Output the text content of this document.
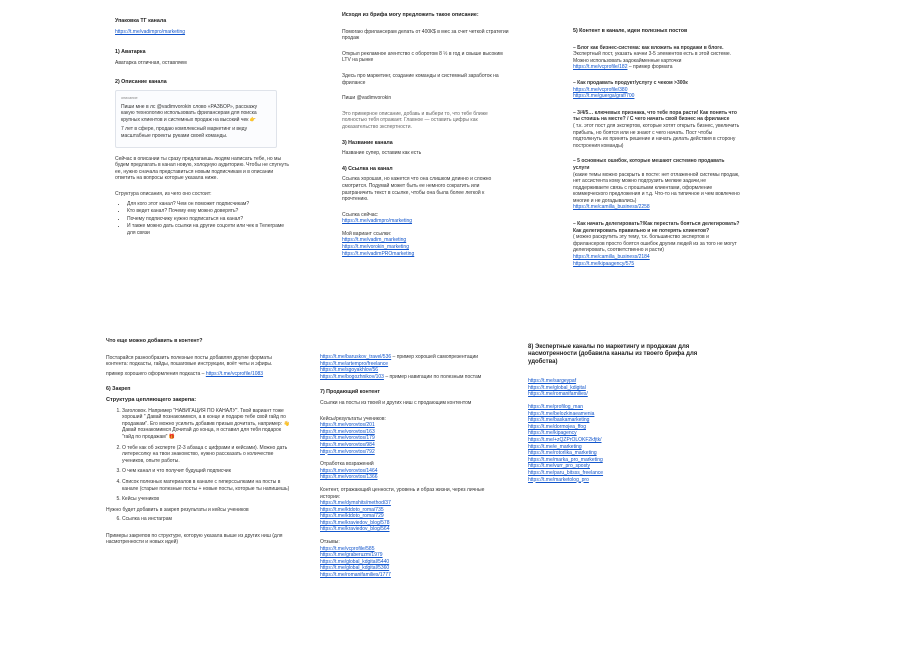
Упаковка ТГ канала
https://t.me/vadimpro/marketing
1) Аватарка

Аватарка отличная, оставляем

2) Описание канала
описание

Пиши мне в лс @vadimvorokin слово «РАЗБОР», расскажу какую технологию использовать фрилансерам для поиска крупных клиентов и системных продаж на высокий чек 👉

7 лет в сфере, продаю комплексный маркетинг и веду масштабные проекты руками своей команды.

Сейчас в описании ты сразу предлагаешь людям написать тебе, но мы будем предлагать в канал новую, холодную аудиторию. Чтобы не спугнуть ее, нужно сначала представиться новым подписчикам и в описании ответить на вопросы которые указала ниже.

Структура описания, из чего оно состоит:

• Для кого этот канал? Чем он поможет подписчикам?
• Кто ведет канал? Почему ему можно доверять?
• Почему подписчику нужно подписаться на канал?
• И также можно дать ссылки на другие соцсети или чек в Телеграме для связи
Исходя из брифа могу предложить такое описание:

Помогаю фрилансерам делать от 400К$ в мес за счет четкой стратегии продаж

Открыл рекламное агентство с оборотом 8 ½ в год и свыше высоким LTV на рынке

Здесь про маркетинг, создание команды и системный заработок на фрилансе

Пиши @vadimvorokin

Это примерное описание, добавь и выбери то, что тебе ближе полностью тебя отражает. Главное — оставить цифры как доказательство экспертности.

3) Название канала

Название супер, оставим как есть

4) Ссылка на канал

Ссылка хорошая, но кажется что она слишком длинно и сложно смотрится. Подумай может быть ее немного сократить или разграничить текст в ссылке, чтобы она была более легкой к прочтению.

Ссылка сейчас:

https://t.me/vadimpro/marketing

Мой вариант ссылки:

https://t.me/vadim_marketing
https://t.me/vorokin_marketing
https://t.me/vadimPROmarketing
5) Контент в канале, идеи полезных постов

– Блог как бизнес-система: как вложить на продажи в блоге.

Экспертный пост, указать начни 3-5 элементов есть в этой системе. Можно использовать задокайменные карточки

https://t.me/vcprofile/182 – пример формата

– Как продавать продукт/услугу с чеком >300к

https://t.me/vcprofile/380
https://t.me/guerga/graf/700

– 3/4/5… ключевых признака, что тебе пора расти! Как понять что ты стоишь на месте? / С чего начать свой бизнес на фрилансе

( т.к. этот пост для экспертов, которые хотят открыть бизнес, увеличить прибыль, но боятся или не знают с чего начать. Пост чтобы подтолкнуть их принять решение и начать делать действия в сторону построения команды)

– 5 основных ошибок, которые мешают системно продавать услуги

(какие темы можно раскрыть в посте: нет отлаженной системы продаж, нет ассистента кому можно подгрузить мелкие задачи,не поддерживаете связь с прошлыми клиентами, оформление коммерческого предложения и т.д. Что-то на типичное и чем вовлечено многие и не догадывались)

https://t.me/camilla_business/2258

– Как начать делегировать?/Как перестать бояться делегировать? Как делегировать правильно и не потерять клиентов?

( можно раскрутить эту тему, т.к. большинство экспертов и фрилансеров просто боятся ошибок другим людей из за того не могут делегировать, соответственно и расти)

https://t.me/camilla_business/2184
https://t.me/kipaagency/575
Что еще можно добавить в контент?

Постарайся разнообразить полезные посты добавляя другие форматы контента: подкасты, гайды, пошаговые инструкции, воёт четы и эфиры.

пример хорошего оформления подкаста – https://t.me/vcprofile/1083

6) Закреп
Структура цепляющего закрепа:
1. Заголовок. Например "НАВИГАЦИЯ ПО КАНАЛУ". Твой вариант тоже хороший " Давай познакомимся, а в конце и подарю тебе свой гайд по продажам". Его можно усилить добавив призыв дочитать, например: 👋 Давай познакомимся Дочитай до конца, я оставил для тебя подарок "гайд по продажам" 🎁
2. О тебе как об эксперте (2-3 абзаца с цифрами и кейсами). Можно дать литересолку на твои знакомство, нужно рассказать о количестве учеников, опыте работы.
3. О чем канал и что получит будущий подписчик
4. Список полезных материалов в канале с гиперссылками на посты в канале (старые полезные посты + новые посты, которые ты напишешь)
5. Кейсы учеников

Нужно будет добавить в закреп результаты и кейсы учеников

6. Ссылка на инстаграм

Примеры закрепов по структуре, которую указала выше из других ниш (для насмотренности и новых идей)

https://t.me/baruskov_travel/536 – пример хорошей самопрезентации

https://t.me/artempro/freelance
https://t.me/sgoyakhlov/56

https://t.me/bogozhnikov/103 – пример навигации по полезным постам

7) Продающий контент

Ссылки на посты из твоей и других ниш с продающим контентом

Кейсы/результаты учеников:

https://t.me/vorovtos/201
https://t.me/vorovtos/163
https://t.me/vorovtos/179
https://t.me/vorovtos/984
https://t.me/vorovtos/792

Отработка возражений

https://t.me/vorovtos/1464
https://t.me/vorovtos/1366

Контент, отражающий ценности, уровень и образ жизни, через личные истории:

https://t.me/dymshits/method/37
https://t.me/ktdoto_roma/735
https://t.me/ktdoto_roma/729
https://t.me/kraviedov_blog/578
https://t.me/kraviedov_blog/564

Отзывы:

https://t.me/vcprofile/585
https://t.me/graberuzm/1979
https://t.me/global_kdgital/5440
https://t.me/global_kdgital/5360
https://t.me/romanifamilies/1777
8) Экспертные каналы по маркетингу и продажам для насмотренности (добавила каналы из твоего брифа для удобства)
https://t.me/sargeypaf
https://t.me/global_kdigital
https://t.me/romanifamilies/
https://t.me/profilog_man
https://t.me/belozkinaeamenia
https://t.me/baskamarketing
https://t.me/dormojea_ffog
https://t.me/kipagency
https://t.me/+zQZPrOLOKF2kfjtk/
https://t.me/e_marketing
https://t.me/rotorlika_marketing
https://t.me/marka_pro_marketing
https://t.me/vurr_pro_sposty
https://t.me/paru_bitsss_freelance
https://t.me/marketolog_pro
